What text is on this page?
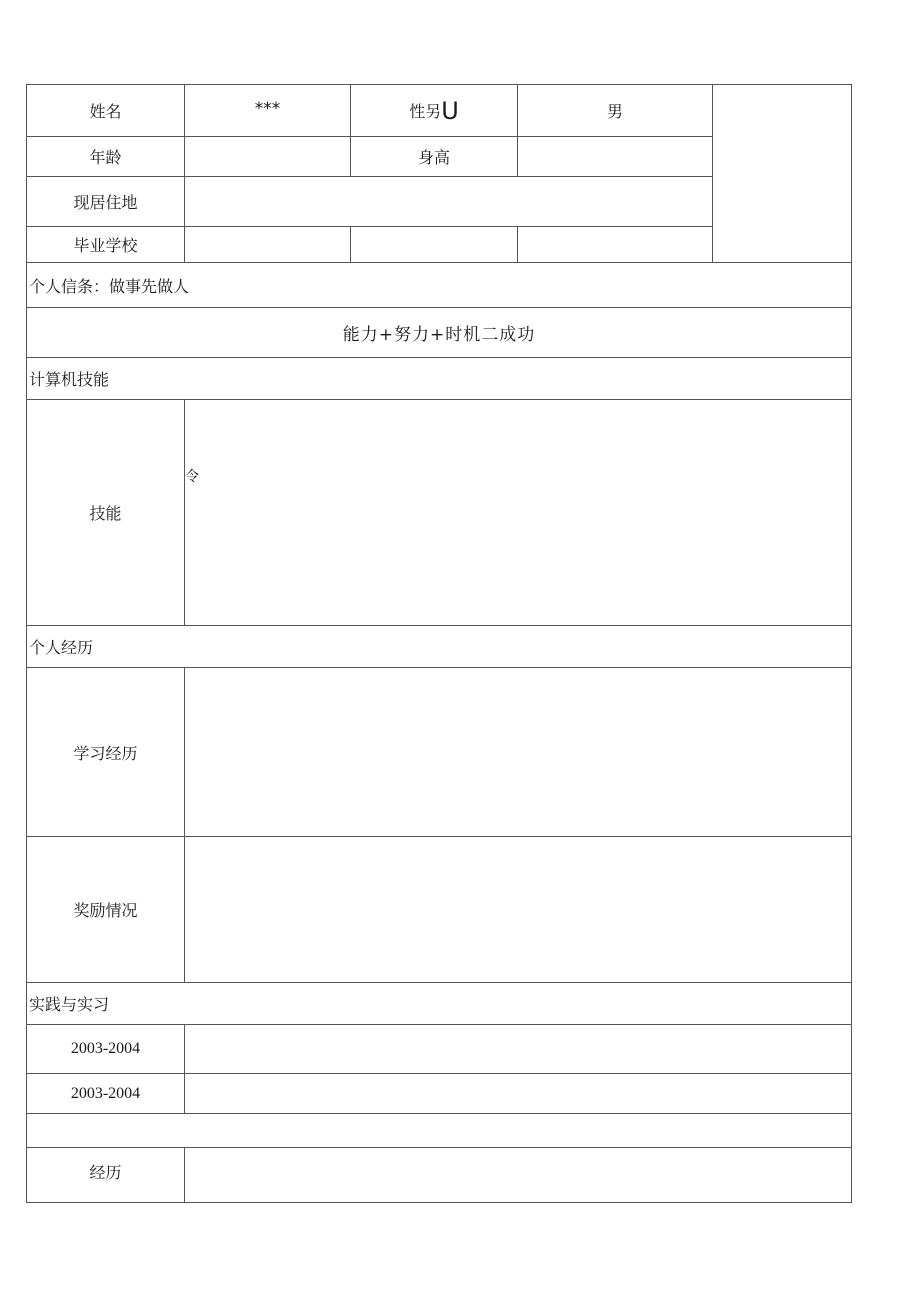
姓名	***	性另U	男	
年龄		身高		
现居住地				
毕业学校				
个人信条：做事先做人				
能力+努力+时机二成功				
计算机技能				
技能	令			

个人经历				
学习经历				
奖励情况				
实践与实习				
2003-2004				
2003-2004				

经历				
